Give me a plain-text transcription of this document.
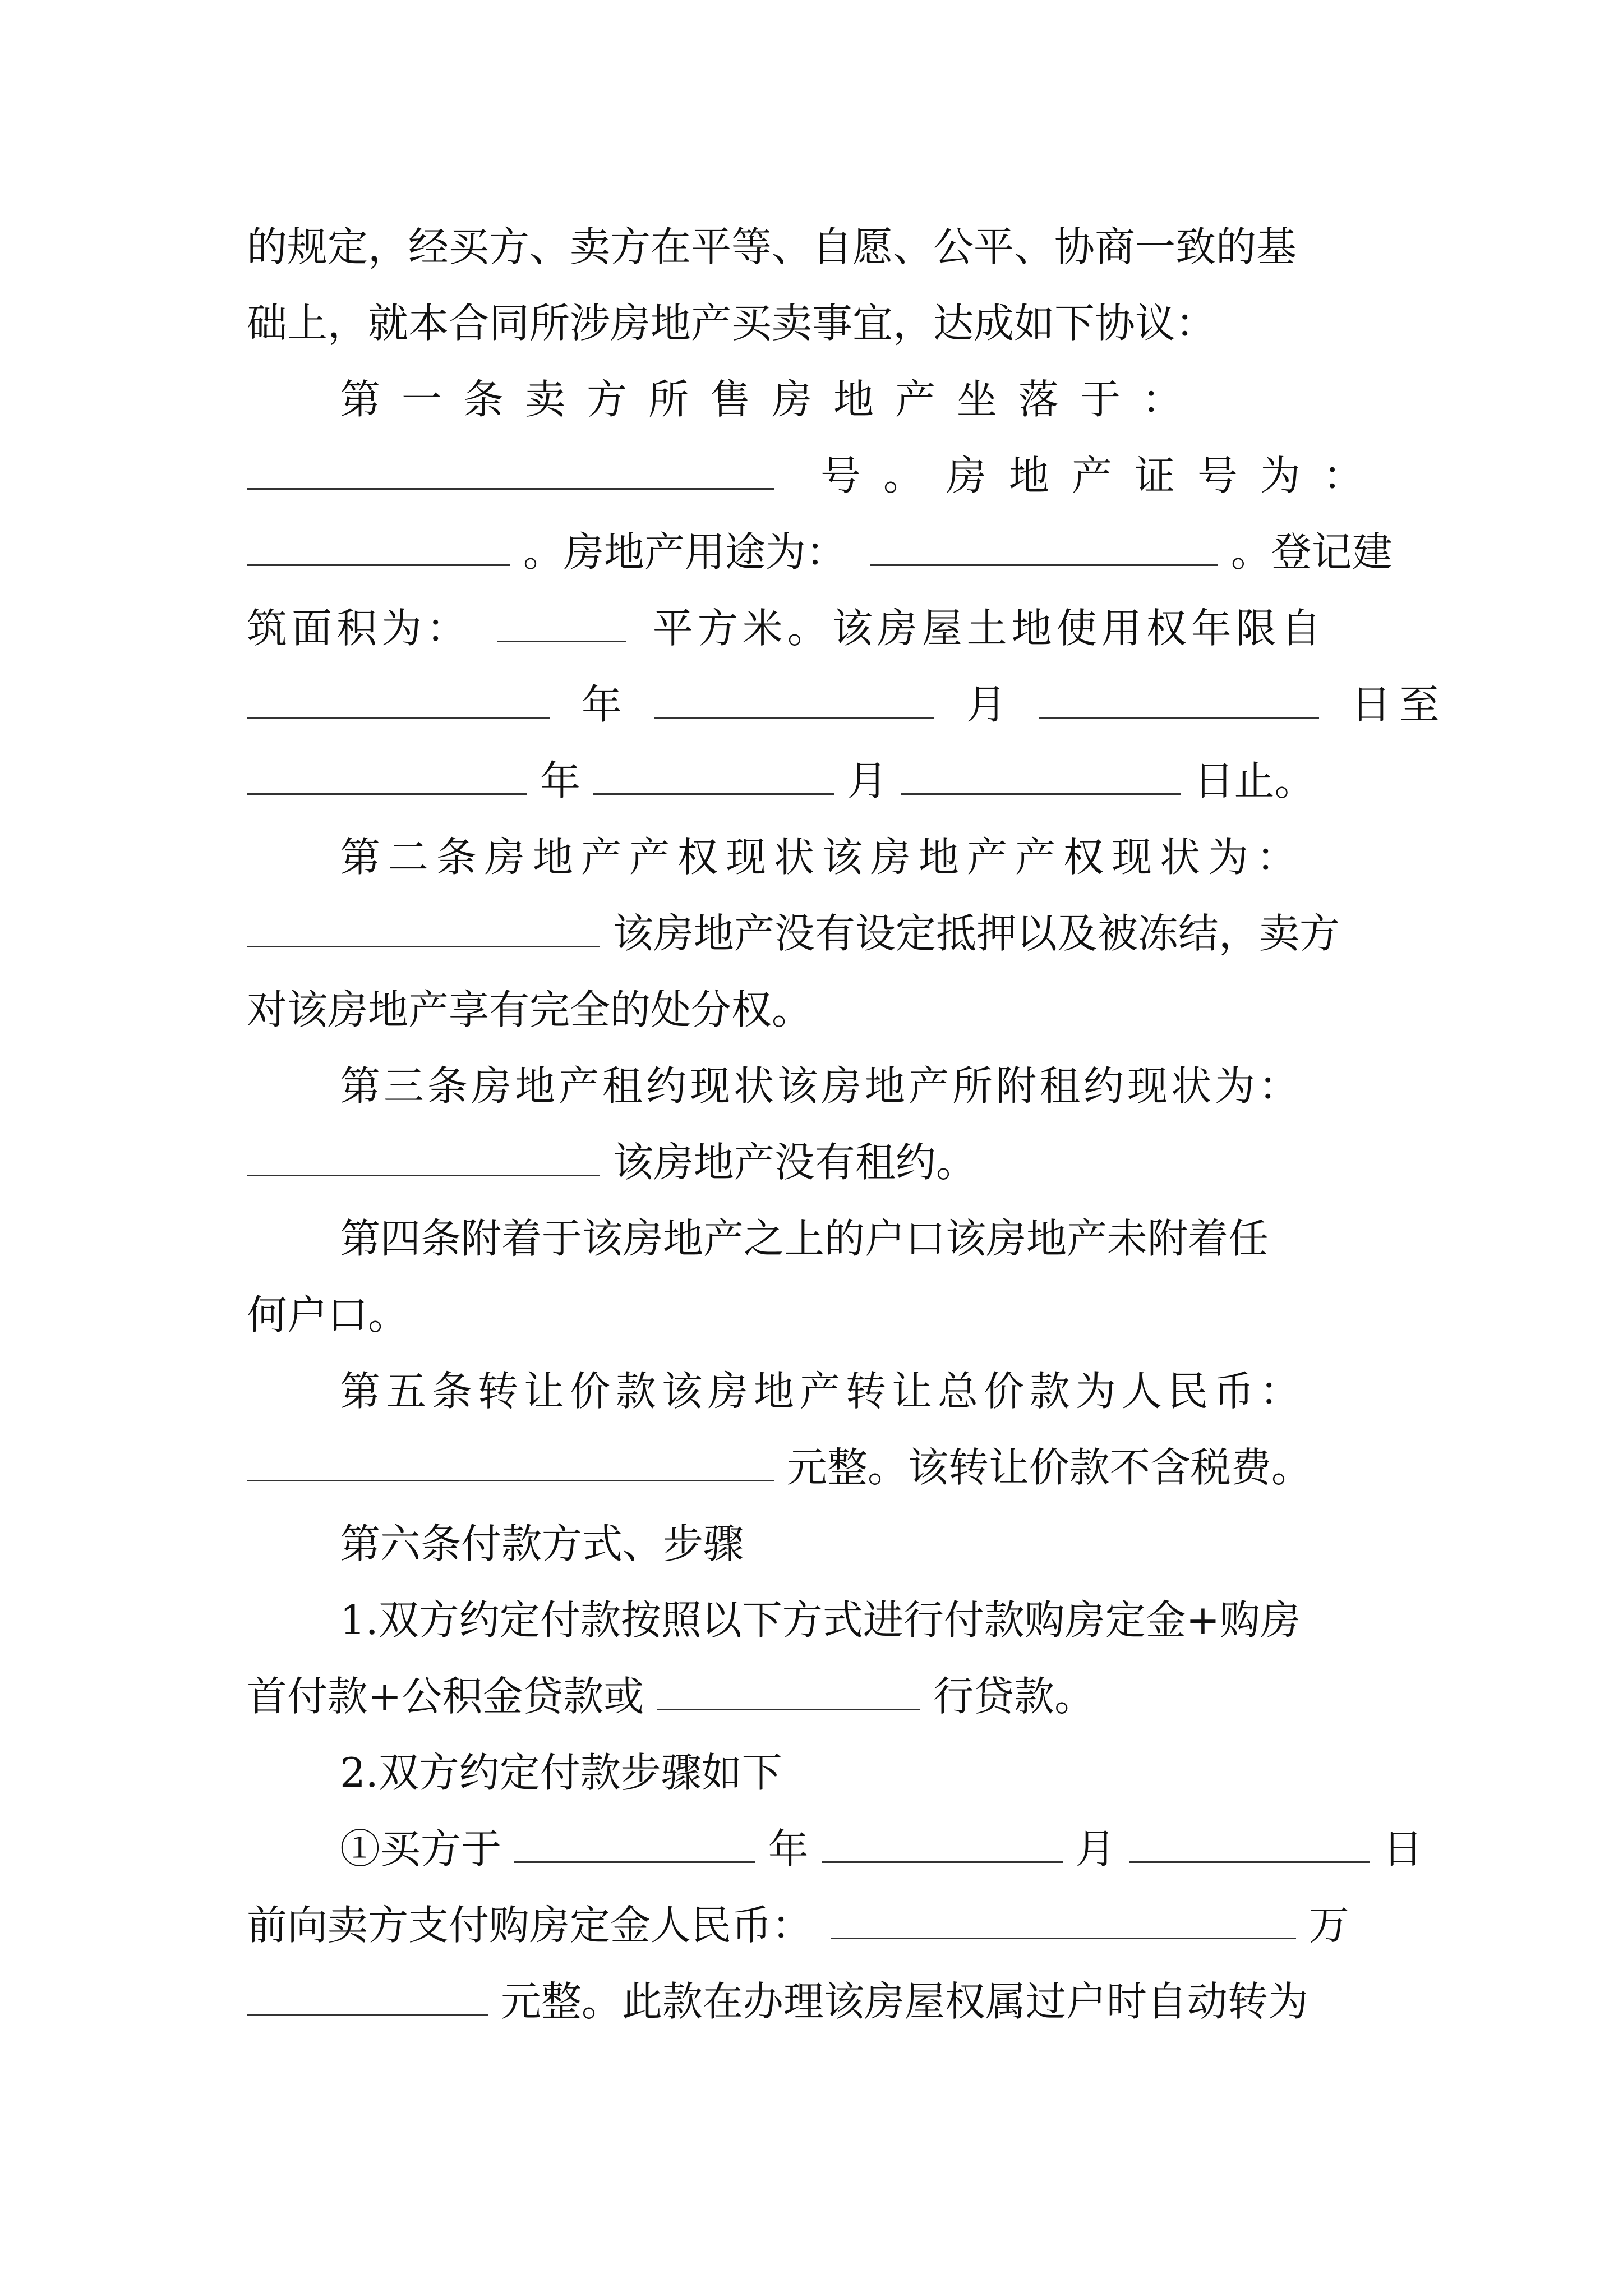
的规定，经买方、卖方在平等、自愿、公平、协商一致的基
础上，就本合同所涉房地产买卖事宜，达成如下协议：
第一条卖方所售房地产坐落于：
号。房地产证号为：
。房地产用途为：	。登记建
筑面积为：	平方米。该房屋土地使用权年限自
年	月	日至
年	月	日止。
第二条房地产产权现状该房地产产权现状为：
该房地产没有设定抵押以及被冻结，卖方
对该房地产享有完全的处分权。
第三条房地产租约现状该房地产所附租约现状为：
该房地产没有租约。
第四条附着于该房地产之上的户口该房地产未附着任
何户口。
第五条转让价款该房地产转让总价款为人民币：
元整。该转让价款不含税费。
第六条付款方式、步骤
1.双方约定付款按照以下方式进行付款购房定金+购房
首付款+公积金贷款或	行贷款。
2.双方约定付款步骤如下
①买方于	年	月	日
前向卖方支付购房定金人民币：	万
元整。此款在办理该房屋权属过户时自动转为
